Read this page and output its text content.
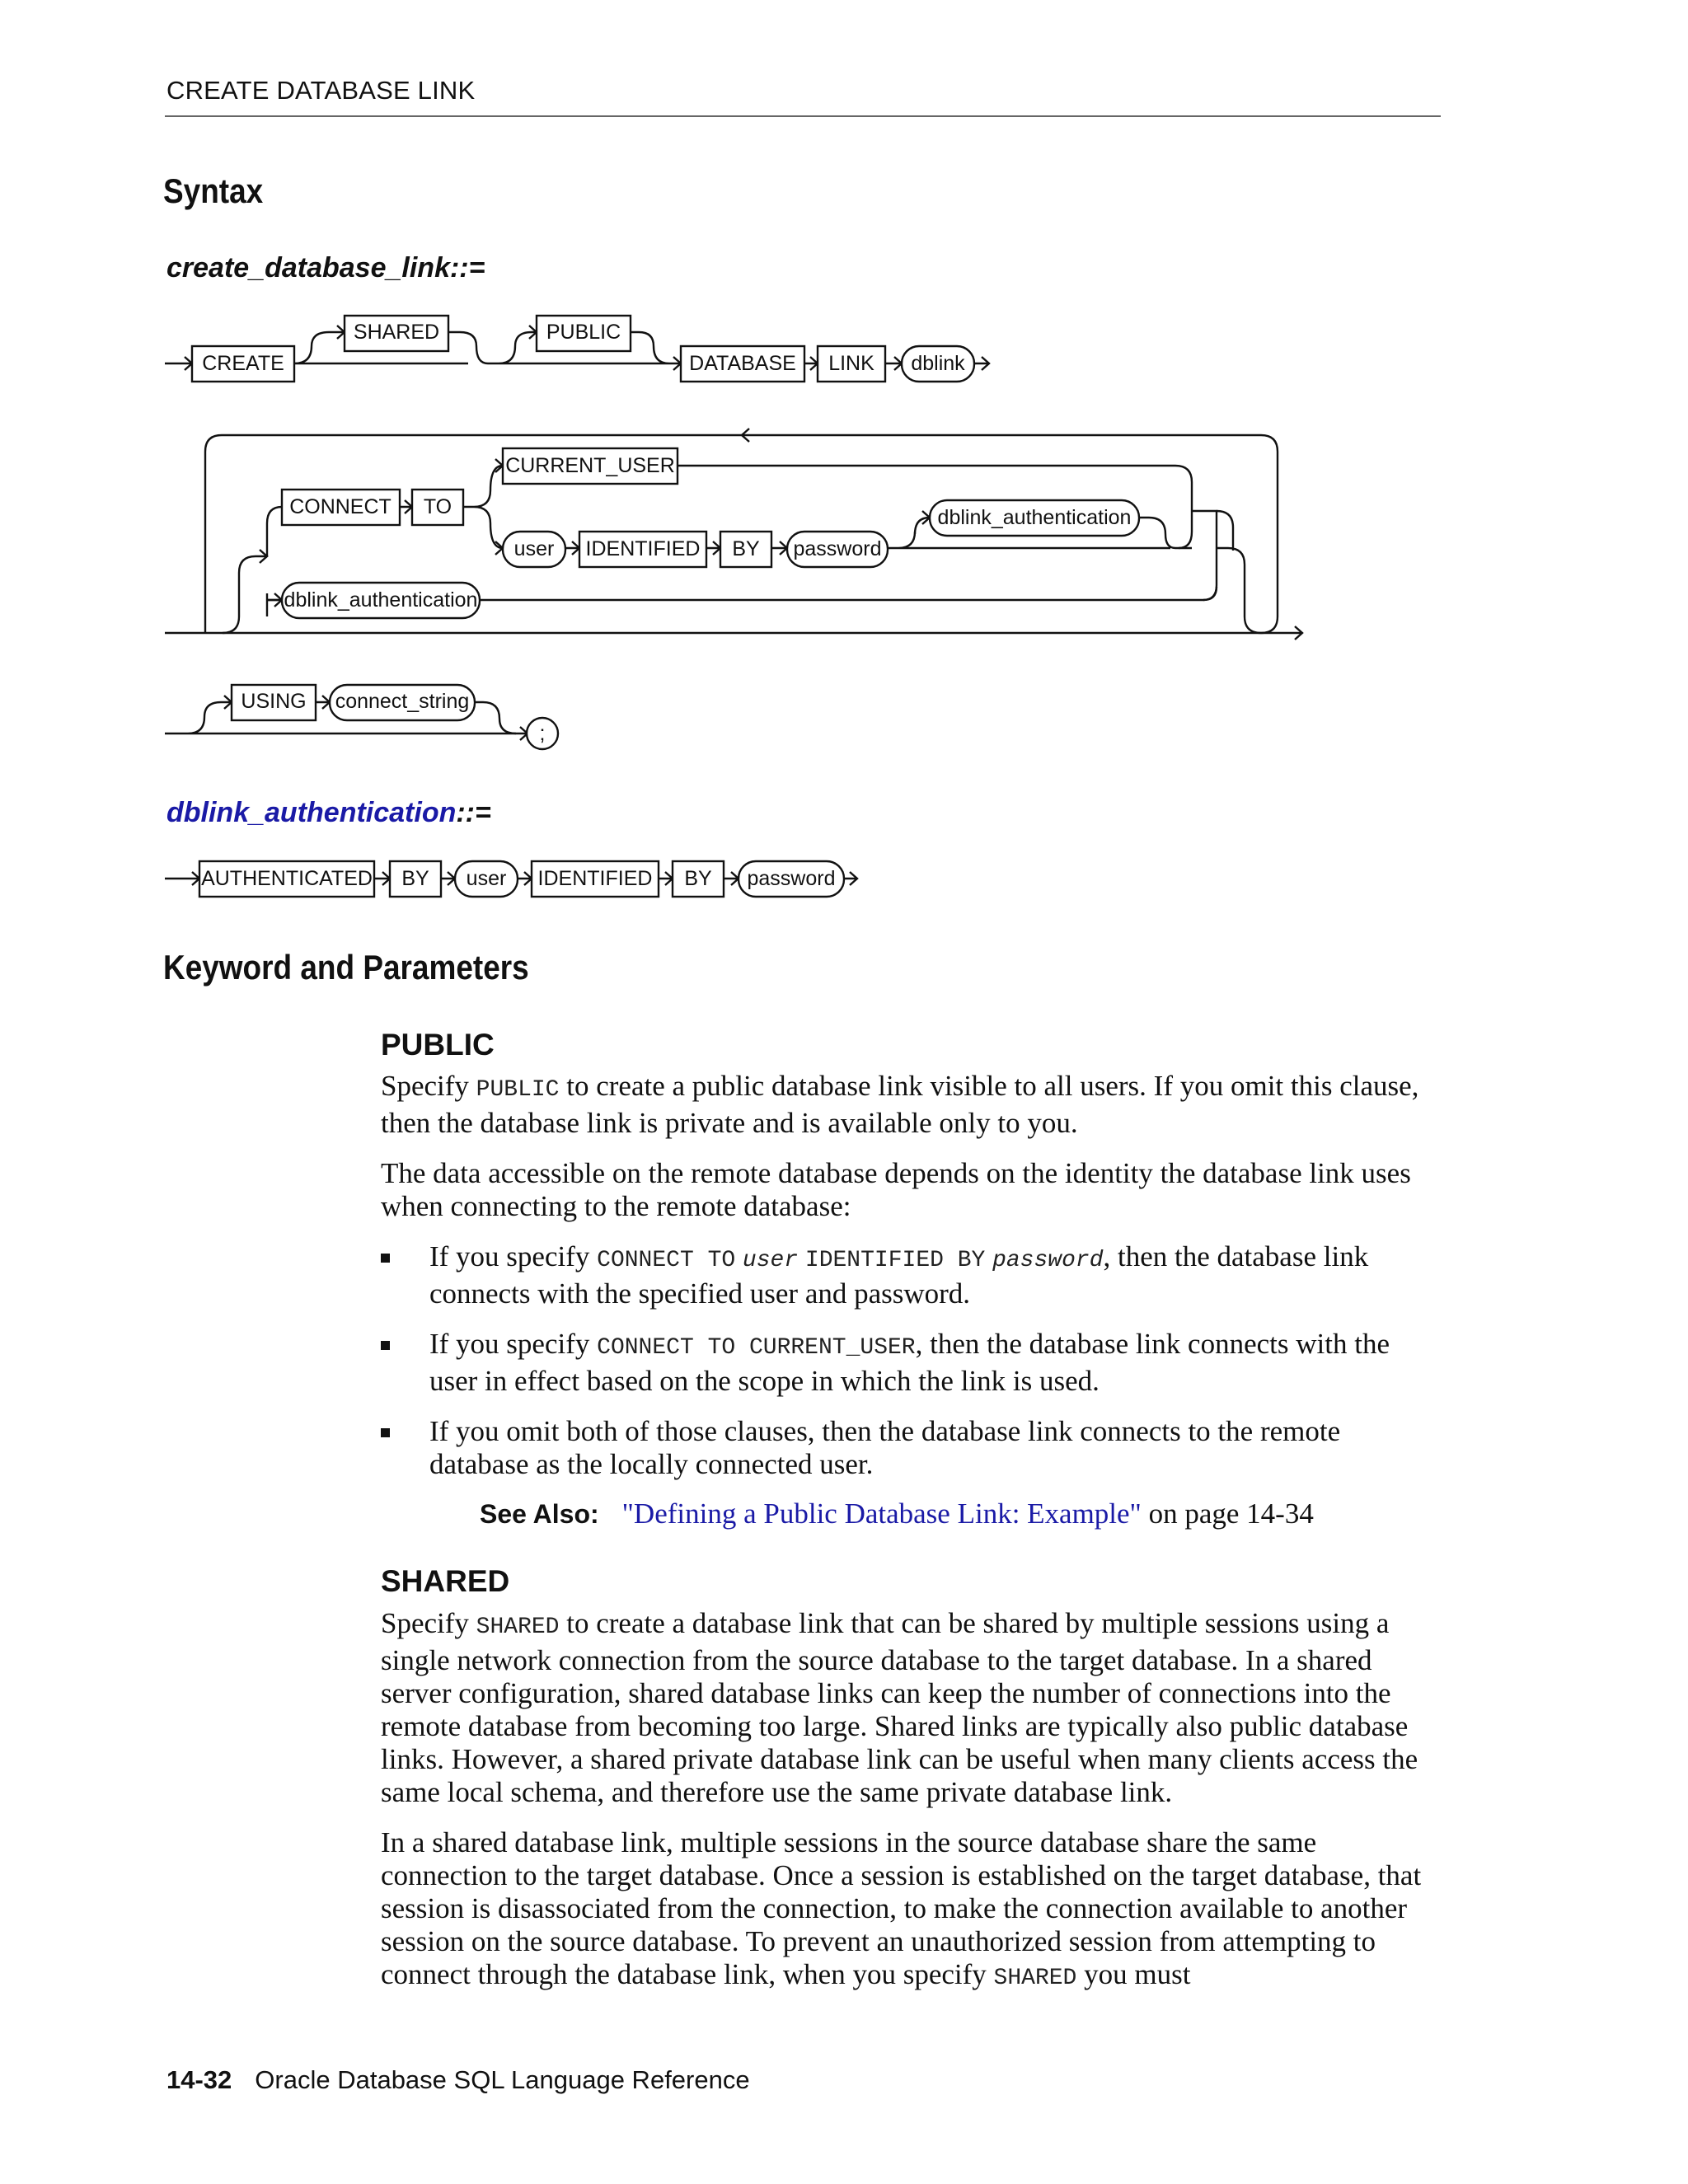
CREATE DATABASE LINK
Syntax
create_database_link::=
CREATE
SHARED	PUBLIC
DATABASE LINK dblink
CONNECT TO
CURRENT_USER
user IDENTIFIED BY password
dblink_authentication
dblink_authentication
USING connect_string
;
AUTHENTICATED BY user IDENTIFIED BY password
dblink_authentication::=
Keyword and Parameters
PUBLIC

Specify PUBLIC to create a public database link visible to all users. If you omit this clause, then the database link is private and is available only to you.

The data accessible on the remote database depends on the identity the database link uses when connecting to the remote database:

If you specify CONNECT TO user IDENTIFIED BY password, then the database link connects with the specified user and password.
If you specify CONNECT TO CURRENT_USER, then the database link connects with the user in effect based on the scope in which the link is used.
If you omit both of those clauses, then the database link connects to the remote database as the locally connected user.
See Also: "Defining a Public Database Link: Example" on page 14-34
SHARED

Specify SHARED to create a database link that can be shared by multiple sessions using a single network connection from the source database to the target database. In a shared server configuration, shared database links can keep the number of connections into the remote database from becoming too large. Shared links are typically also public database links. However, a shared private database link can be useful when many clients access the same local schema, and therefore use the same private database link.

In a shared database link, multiple sessions in the source database share the same connection to the target database. Once a session is established on the target database, that session is disassociated from the connection, to make the connection available to another session on the source database. To prevent an unauthorized session from attempting to connect through the database link, when you specify SHARED you must

14-32 Oracle Database SQL Language Reference
